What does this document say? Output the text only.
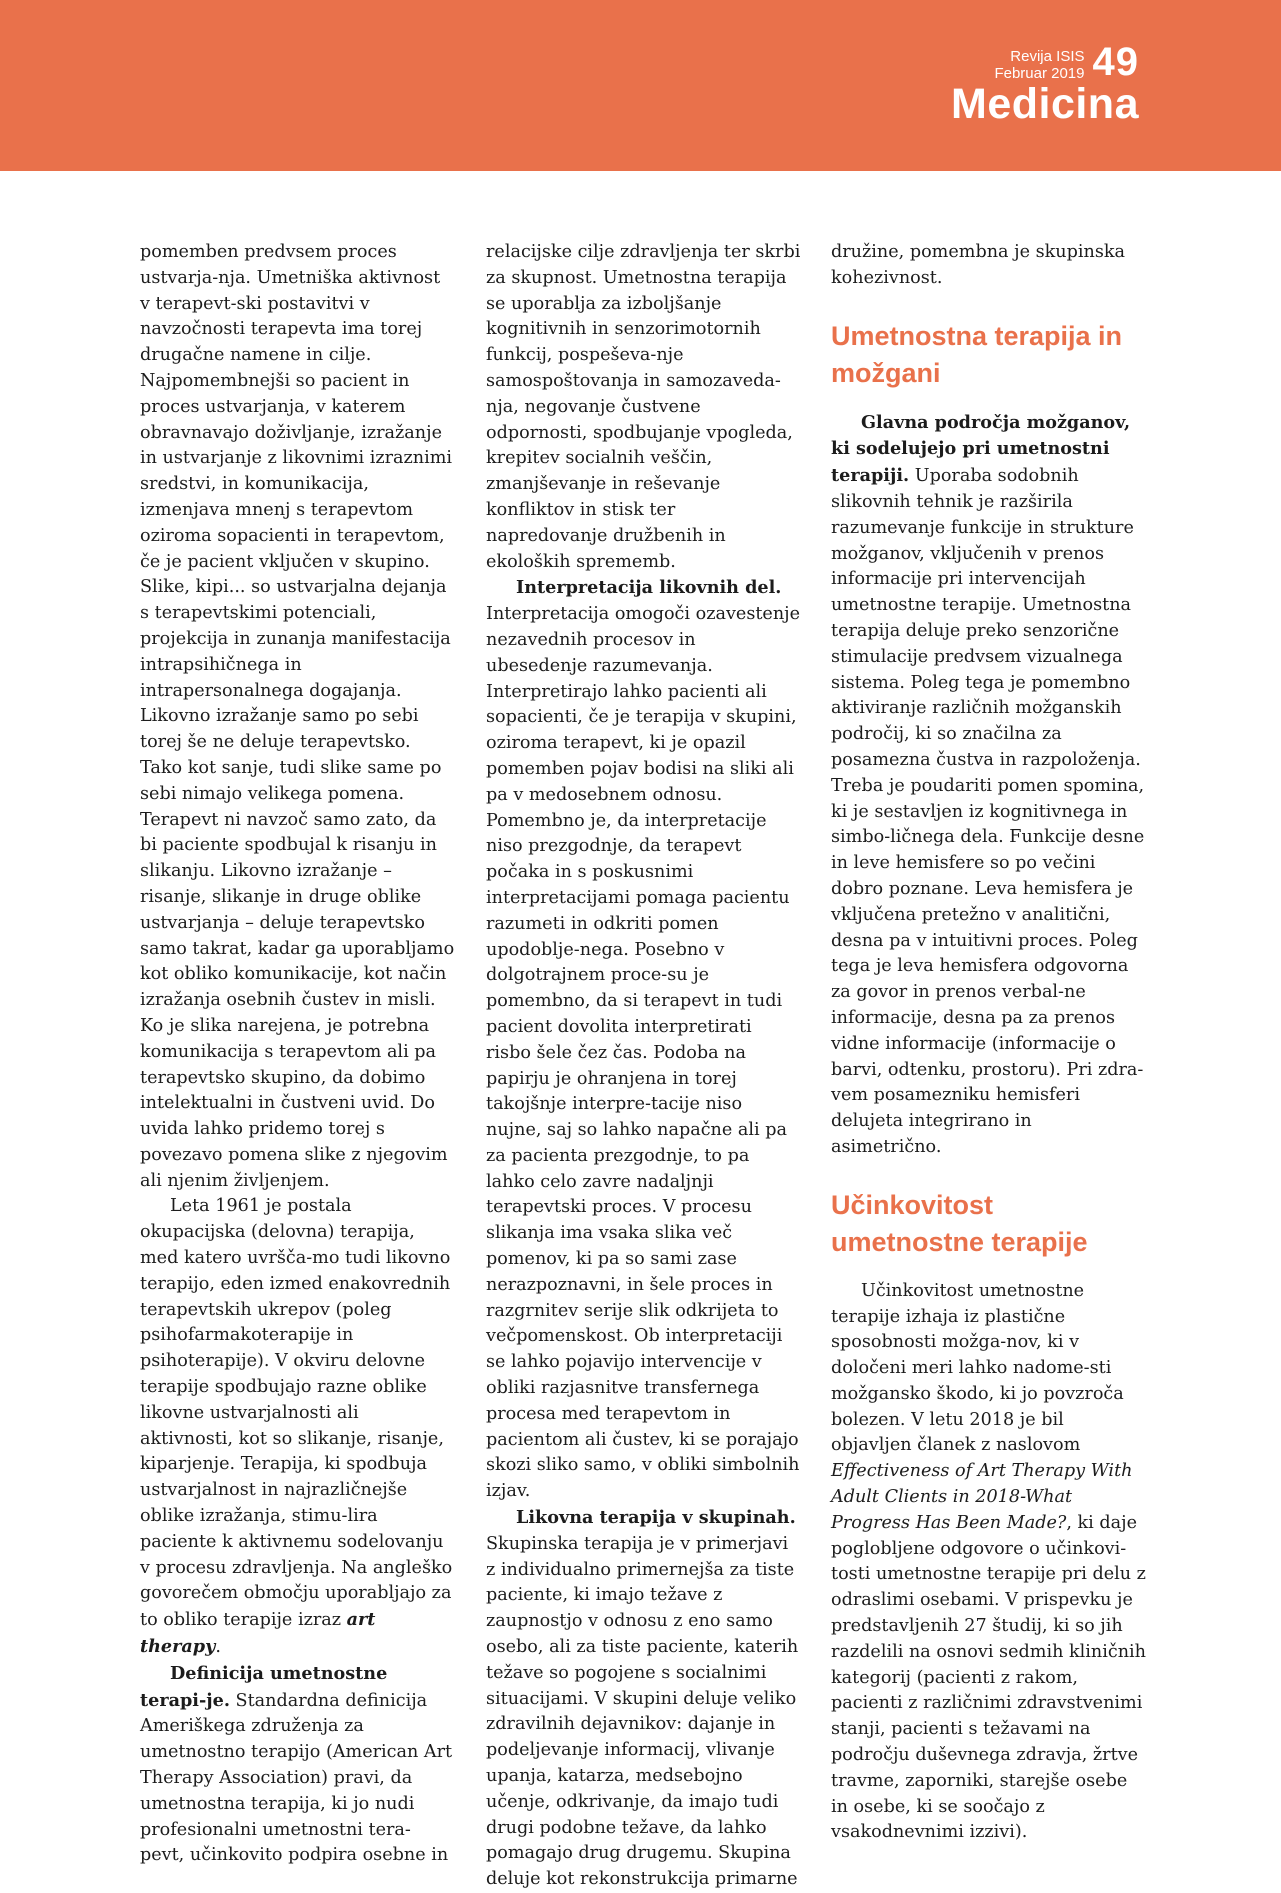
Revija ISIS
Februar 2019 49
Medicina

pomemben predvsem proces ustvarja-nja. Umetniška aktivnost v terapevt-ski postavitvi v navzočnosti terapevta ima torej drugačne namene in cilje. Najpomembnejši so pacient in proces ustvarjanja, v katerem obravnavajo doživljanje, izražanje in ustvarjanje z likovnimi izraznimi sredstvi, in komunikacija, izmenjava mnenj s terapevtom oziroma sopacienti in terapevtom, če je pacient vključen v skupino. Slike, kipi... so ustvarjalna dejanja s terapevtskimi potenciali, projekcija in zunanja manifestacija intrapsihičnega in intrapersonalnega dogajanja. Likovno izražanje samo po sebi torej še ne deluje terapevtsko. Tako kot sanje, tudi slike same po sebi nimajo velikega pomena. Terapevt ni navzoč samo zato, da bi paciente spodbujal k risanju in slikanju. Likovno izražanje – risanje, slikanje in druge oblike ustvarjanja – deluje terapevtsko samo takrat, kadar ga uporabljamo kot obliko komunikacije, kot način izražanja osebnih čustev in misli. Ko je slika narejena, je potrebna komunikacija s terapevtom ali pa terapevtsko skupino, da dobimo intelektualni in čustveni uvid. Do uvida lahko pridemo torej s povezavo pomena slike z njegovim ali njenim življenjem.

Leta 1961 je postala okupacijska (delovna) terapija, med katero uvršča-mo tudi likovno terapijo, eden izmed enakovrednih terapevtskih ukrepov (poleg psihofarmakoterapije in psihoterapije). V okviru delovne terapije spodbujajo razne oblike likovne ustvarjalnosti ali aktivnosti, kot so slikanje, risanje, kiparjenje. Terapija, ki spodbuja ustvarjalnost in najrazličnejše oblike izražanja, stimu-lira paciente k aktivnemu sodelovanju v procesu zdravljenja. Na angleško govorečem območju uporabljajo za to obliko terapije izraz art therapy.

Definicija umetnostne terapi-je. Standardna definicija Ameriškega združenja za umetnostno terapijo (American Art Therapy Association) pravi, da umetnostna terapija, ki jo nudi profesionalni umetnostni tera-pevt, učinkovito podpira osebne in

relacijske cilje zdravljenja ter skrbi za skupnost. Umetnostna terapija se uporablja za izboljšanje kognitivnih in senzorimotornih funkcij, pospeševa-nje samospoštovanja in samozaveda-nja, negovanje čustvene odpornosti, spodbujanje vpogleda, krepitev socialnih veščin, zmanjševanje in reševanje konfliktov in stisk ter napredovanje družbenih in ekoloških sprememb.

Interpretacija likovnih del. Interpretacija omogoči ozavestenje nezavednih procesov in ubesedenje razumevanja. Interpretirajo lahko pacienti ali sopacienti, če je terapija v skupini, oziroma terapevt, ki je opazil pomemben pojav bodisi na sliki ali pa v medosebnem odnosu. Pomembno je, da interpretacije niso prezgodnje, da terapevt počaka in s poskusnimi interpretacijami pomaga pacientu razumeti in odkriti pomen upodoblje-nega. Posebno v dolgotrajnem proce-su je pomembno, da si terapevt in tudi pacient dovolita interpretirati risbo šele čez čas. Podoba na papirju je ohranjena in torej takojšnje interpre-tacije niso nujne, saj so lahko napačne ali pa za pacienta prezgodnje, to pa lahko celo zavre nadaljnji terapevtski proces. V procesu slikanja ima vsaka slika več pomenov, ki pa so sami zase nerazpoznavni, in šele proces in razgrnitev serije slik odkrijeta to večpomenskost. Ob interpretaciji se lahko pojavijo intervencije v obliki razjasnitve transfernega procesa med terapevtom in pacientom ali čustev, ki se porajajo skozi sliko samo, v obliki simbolnih izjav.

Likovna terapija v skupinah. Skupinska terapija je v primerjavi z individualno primernejša za tiste paciente, ki imajo težave z zaupnostjo v odnosu z eno samo osebo, ali za tiste paciente, katerih težave so pogojene s socialnimi situacijami. V skupini deluje veliko zdravilnih dejavnikov: dajanje in podeljevanje informacij, vlivanje upanja, katarza, medsebojno učenje, odkrivanje, da imajo tudi drugi podobne težave, da lahko pomagajo drug drugemu. Skupina deluje kot rekonstrukcija primarne

družine, pomembna je skupinska kohezivnost.

Umetnostna terapija in možgani

Glavna področja možganov, ki sodelujejo pri umetnostni terapiji. Uporaba sodobnih slikovnih tehnik je razširila razumevanje funkcije in strukture možganov, vključenih v prenos informacije pri intervencijah umetnostne terapije. Umetnostna terapija deluje preko senzorične stimulacije predvsem vizualnega sistema. Poleg tega je pomembno aktiviranje različnih možganskih področij, ki so značilna za posamezna čustva in razpoloženja. Treba je poudariti pomen spomina, ki je sestavljen iz kognitivnega in simbo-ličnega dela. Funkcije desne in leve hemisfere so po večini dobro poznane. Leva hemisfera je vključena pretežno v analitični, desna pa v intuitivni proces. Poleg tega je leva hemisfera odgovorna za govor in prenos verbal-ne informacije, desna pa za prenos vidne informacije (informacije o barvi, odtenku, prostoru). Pri zdra-vem posamezniku hemisferi delujeta integrirano in asimetrično.

Učinkovitost umetnostne terapije

Učinkovitost umetnostne terapije izhaja iz plastične sposobnosti možga-nov, ki v določeni meri lahko nadome-sti možgansko škodo, ki jo povzroča bolezen. V letu 2018 je bil objavljen članek z naslovom Effectiveness of Art Therapy With Adult Clients in 2018-What Progress Has Been Made?, ki daje poglobljene odgovore o učinkovi-tosti umetnostne terapije pri delu z odraslimi osebami. V prispevku je predstavljenih 27 študij, ki so jih razdelili na osnovi sedmih kliničnih kategorij (pacienti z rakom, pacienti z različnimi zdravstvenimi stanji, pacienti s težavami na področju duševnega zdravja, žrtve travme, zaporniki, starejše osebe in osebe, ki se soočajo z vsakodnevnimi izzivi).
